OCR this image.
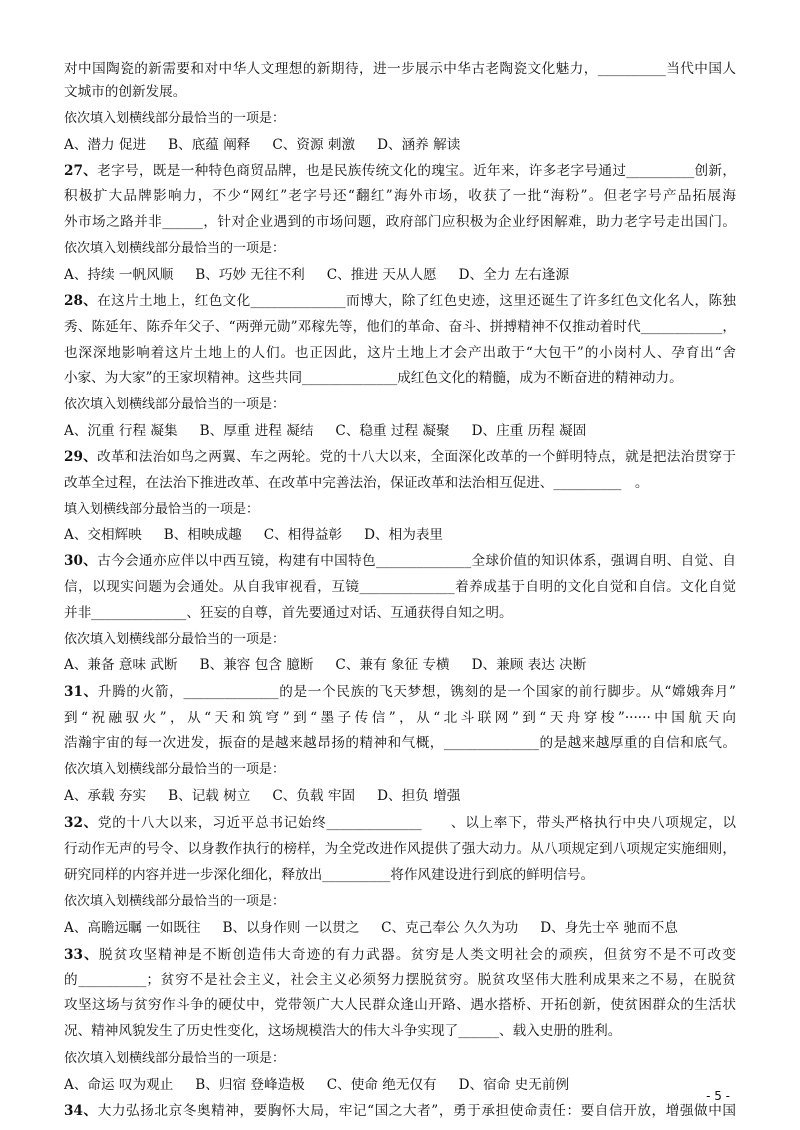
对中国陶瓷的新需要和对中华人文理想的新期待，进一步展示中华古老陶瓷文化魅力，__________当代中国人
文城市的创新发展。
依次填入划横线部分最恰当的一项是：
A、潜力 促进 B、底蕴 阐释 C、资源 刺激 D、涵养 解读
27、老字号，既是一种特色商贸品牌，也是民族传统文化的瑰宝。近年来，许多老字号通过__________创新，
积极扩大品牌影响力，不少“网红”老字号还“翻红”海外市场，收获了一批“海粉”。但老字号产品拓展海
外市场之路并非______，针对企业遇到的市场问题，政府部门应积极为企业纾困解难，助力老字号走出国门。
依次填入划横线部分最恰当的一项是：
A、持续 一帆风顺 B、巧妙 无往不利 C、推进 天从人愿 D、全力 左右逢源
28、在这片土地上，红色文化______________而博大，除了红色史迹，这里还诞生了许多红色文化名人，陈独
秀、陈延年、陈乔年父子、“两弹元勋”邓稼先等，他们的革命、奋斗、拼搏精神不仅推动着时代____________，
也深深地影响着这片土地上的人们。也正因此，这片土地上才会产出敢于“大包干”的小岗村人、孕育出“舍
小家、为大家”的王家坝精神。这些共同______________成红色文化的精髓，成为不断奋进的精神动力。
依次填入划横线部分最恰当的一项是：
A、沉重 行程 凝集 B、厚重 进程 凝结 C、稳重 过程 凝聚 D、庄重 历程 凝固
29、改革和法治如鸟之两翼、车之两轮。党的十八大以来，全面深化改革的一个鲜明特点，就是把法治贯穿于
改革全过程，在法治下推进改革、在改革中完善法治，保证改革和法治相互促进、__________　。
填入划横线部分最恰当的一项是：
A、交相辉映 B、相映成趣 C、相得益彰 D、相为表里
30、古今会通亦应伴以中西互镜，构建有中国特色______________全球价值的知识体系，强调自明、自觉、自
信，以现实问题为会通处。从自我审视看，互镜______________着养成基于自明的文化自觉和自信。文化自觉
并非______________、狂妄的自尊，首先要通过对话、互通获得自知之明。
依次填入划横线部分最恰当的一项是：
A、兼备 意味 武断 B、兼容 包含 臆断 C、兼有 象征 专横 D、兼顾 表达 决断
31、升腾的火箭，______________的是一个民族的飞天梦想，镌刻的是一个国家的前行脚步。从“嫦娥奔月”
到“祝融驭火”，从“天和筑穹”到“墨子传信”，从“北斗联网”到“天舟穿梭”······中国航天向
浩瀚宇宙的每一次进发，振奋的是越来越昂扬的精神和气概，______________的是越来越厚重的自信和底气。
依次填入划横线部分最恰当的一项是：
A、承载 夯实 B、记载 树立 C、负载 牢固 D、担负 增强
32、党的十八大以来，习近平总书记始终______________　　、以上率下，带头严格执行中央八项规定，以
行动作无声的号令、以身教作执行的榜样，为全党改进作风提供了强大动力。从八项规定到八项规定实施细则，
研究同样的内容并进一步深化细化，释放出__________将作风建设进行到底的鲜明信号。
依次填入划横线部分最恰当的一项是：
A、高瞻远瞩 一如既往 B、以身作则 一以贯之 C、克己奉公 久久为功 D、身先士卒 驰而不息
33、脱贫攻坚精神是不断创造伟大奇迹的有力武器。贫穷是人类文明社会的顽疾，但贫穷不是不可改变
的__________；贫穷不是社会主义，社会主义必须努力摆脱贫穷。脱贫攻坚伟大胜利成果来之不易，在脱贫
攻坚这场与贫穷作斗争的硬仗中，党带领广大人民群众逢山开路、遇水搭桥、开拓创新，使贫困群众的生活状
况、精神风貌发生了历史性变化，这场规模浩大的伟大斗争实现了______、载入史册的胜利。
依次填入划横线部分最恰当的一项是：
A、命运 叹为观止 B、归宿 登峰造极 C、使命 绝无仅有 D、宿命 史无前例
34、大力弘扬北京冬奥精神，要胸怀大局，牢记“国之大者”，勇于承担使命责任：要自信开放，增强做中国
- 5 -
